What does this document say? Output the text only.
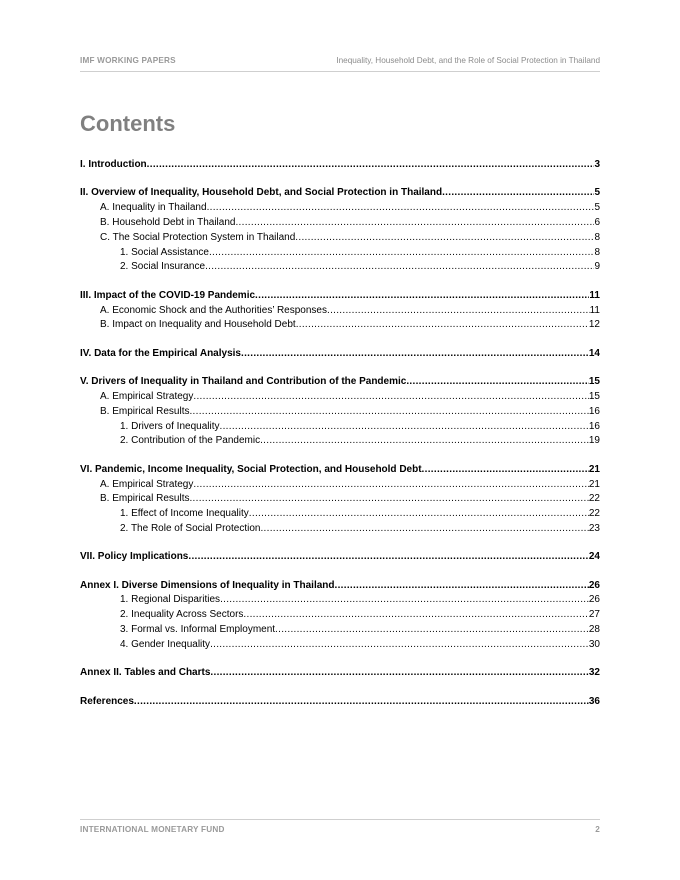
IMF WORKING PAPERS	Inequality, Household Debt, and the Role of Social Protection in Thailand
Contents
I. Introduction .....	3
II. Overview of Inequality, Household Debt, and Social Protection in Thailand .....	5
A. Inequality in Thailand .....	5
B. Household Debt in Thailand .....	6
C. The Social Protection System in Thailand .....	8
1. Social Assistance .....	8
2. Social Insurance .....	9
III. Impact of the COVID-19 Pandemic .....	11
A. Economic Shock and the Authorities’ Responses .....	11
B. Impact on Inequality and Household Debt .....	12
IV. Data for the Empirical Analysis .....	14
V. Drivers of Inequality in Thailand and Contribution of the Pandemic .....	15
A. Empirical Strategy .....	15
B. Empirical Results .....	16
1. Drivers of Inequality .....	16
2. Contribution of the Pandemic .....	19
VI. Pandemic, Income Inequality, Social Protection, and Household Debt .....	21
A. Empirical Strategy .....	21
B. Empirical Results .....	22
1. Effect of Income Inequality .....	22
2. The Role of Social Protection .....	23
VII. Policy Implications .....	24
Annex I. Diverse Dimensions of Inequality in Thailand .....	26
1. Regional Disparities .....	26
2. Inequality Across Sectors .....	27
3. Formal vs. Informal Employment .....	28
4. Gender Inequality .....	30
Annex II. Tables and Charts .....	32
References .....	36
INTERNATIONAL MONETARY FUND	2
